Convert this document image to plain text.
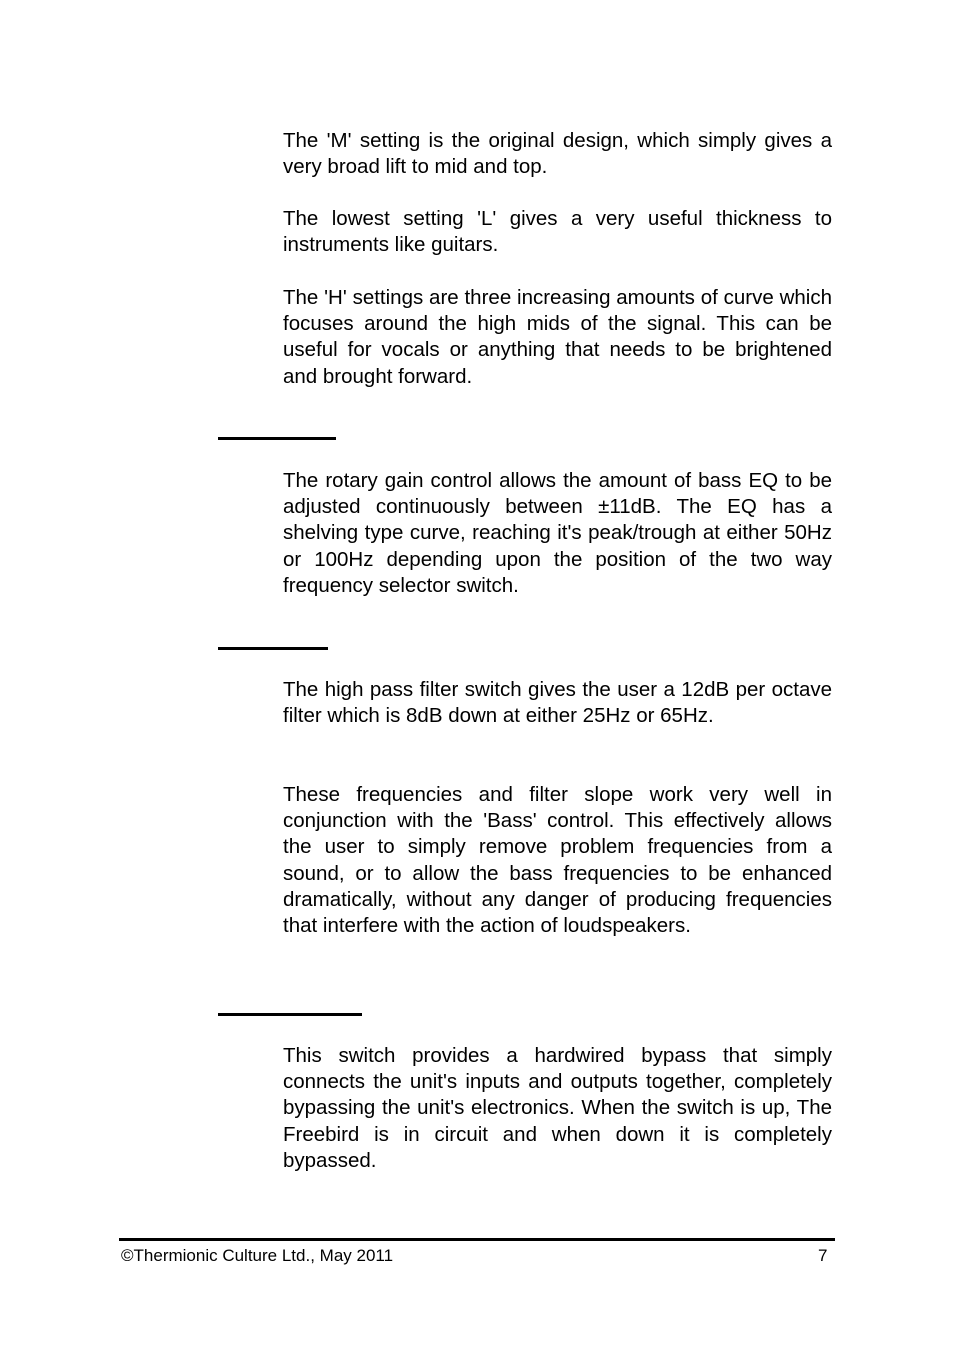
The 'M' setting is the original design, which simply gives a very broad lift to mid and top.

The lowest setting 'L' gives a very useful thickness to instruments like guitars.

The 'H' settings are three increasing amounts of curve which focuses around the high mids of the signal. This can be useful for vocals or anything that needs to be brightened and brought forward.

The rotary gain control allows the amount of bass EQ to be adjusted continuously between ±11dB. The EQ has a shelving type curve, reaching it's peak/trough at either 50Hz or 100Hz depending upon the position of the two way frequency selector switch.

The high pass filter switch gives the user a 12dB per octave filter which is 8dB down at either 25Hz or 65Hz.

These frequencies and filter slope work very well in conjunction with the 'Bass' control. This effectively allows the user to simply remove problem frequencies from a sound, or to allow the bass frequencies to be enhanced dramatically, without any danger of producing frequencies that interfere with the action of loudspeakers.

This switch provides a hardwired bypass that simply connects the unit's inputs and outputs together, completely bypassing the unit's electronics. When the switch is up, The Freebird is in circuit and when down it is completely bypassed.

©Thermionic Culture Ltd., May 2011	7
